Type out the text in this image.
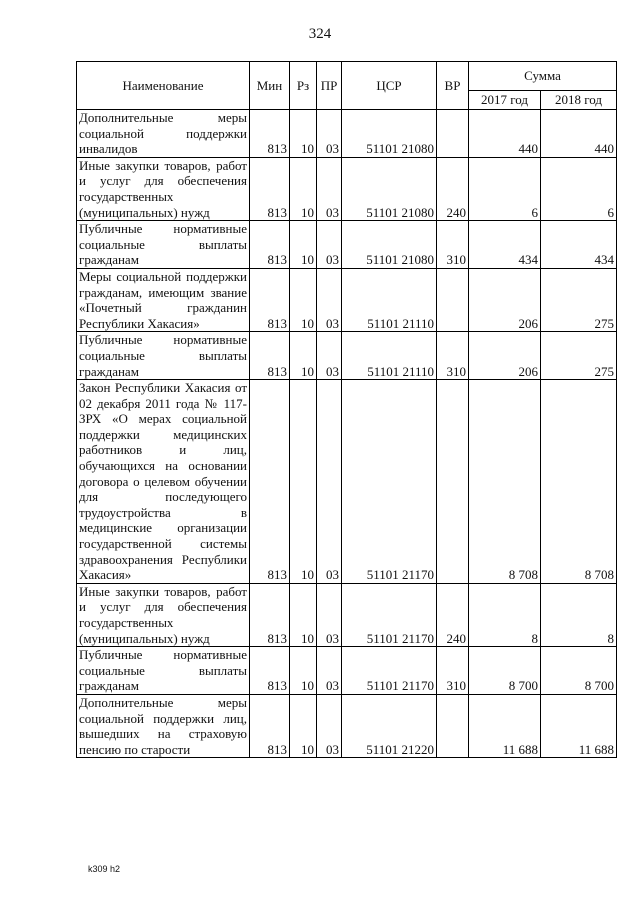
324
Наименование	Мин	Рз	ПР	ЦСР	ВР	Сумма	
						2017 год	2018 год

Дополнительные меры социальной поддержки инвалидов	813	10	03	51101 21080		440	440

Иные закупки товаров, работ и услуг для обеспечения государственных (муниципальных) нужд	813	10	03	51101 21080	240	6	6

Публичные нормативные социальные выплаты гражданам	813	10	03	51101 21080	310	434	434

Меры социальной поддержки гражданам, имеющим звание «Почетный гражданин Республики Хакасия»	813	10	03	51101 21110		206	275

Публичные нормативные социальные выплаты гражданам	813	10	03	51101 21110	310	206	275

Закон Республики Хакасия от 02 декабря 2011 года № 117-ЗРХ «О мерах социальной поддержки медицинских работников и лиц, обучающихся на основании договора о целевом обучении для последующего трудоустройства в медицинские организации государственной системы здравоохранения Республики Хакасия»	813	10	03	51101 21170		8 708	8 708

Иные закупки товаров, работ и услуг для обеспечения государственных (муниципальных) нужд	813	10	03	51101 21170	240	8	8

Публичные нормативные социальные выплаты гражданам	813	10	03	51101 21170	310	8 700	8 700

Дополнительные меры социальной поддержки лиц, вышедших на страховую пенсию по старости	813	10	03	51101 21220		11 688	11 688
k309 h2
